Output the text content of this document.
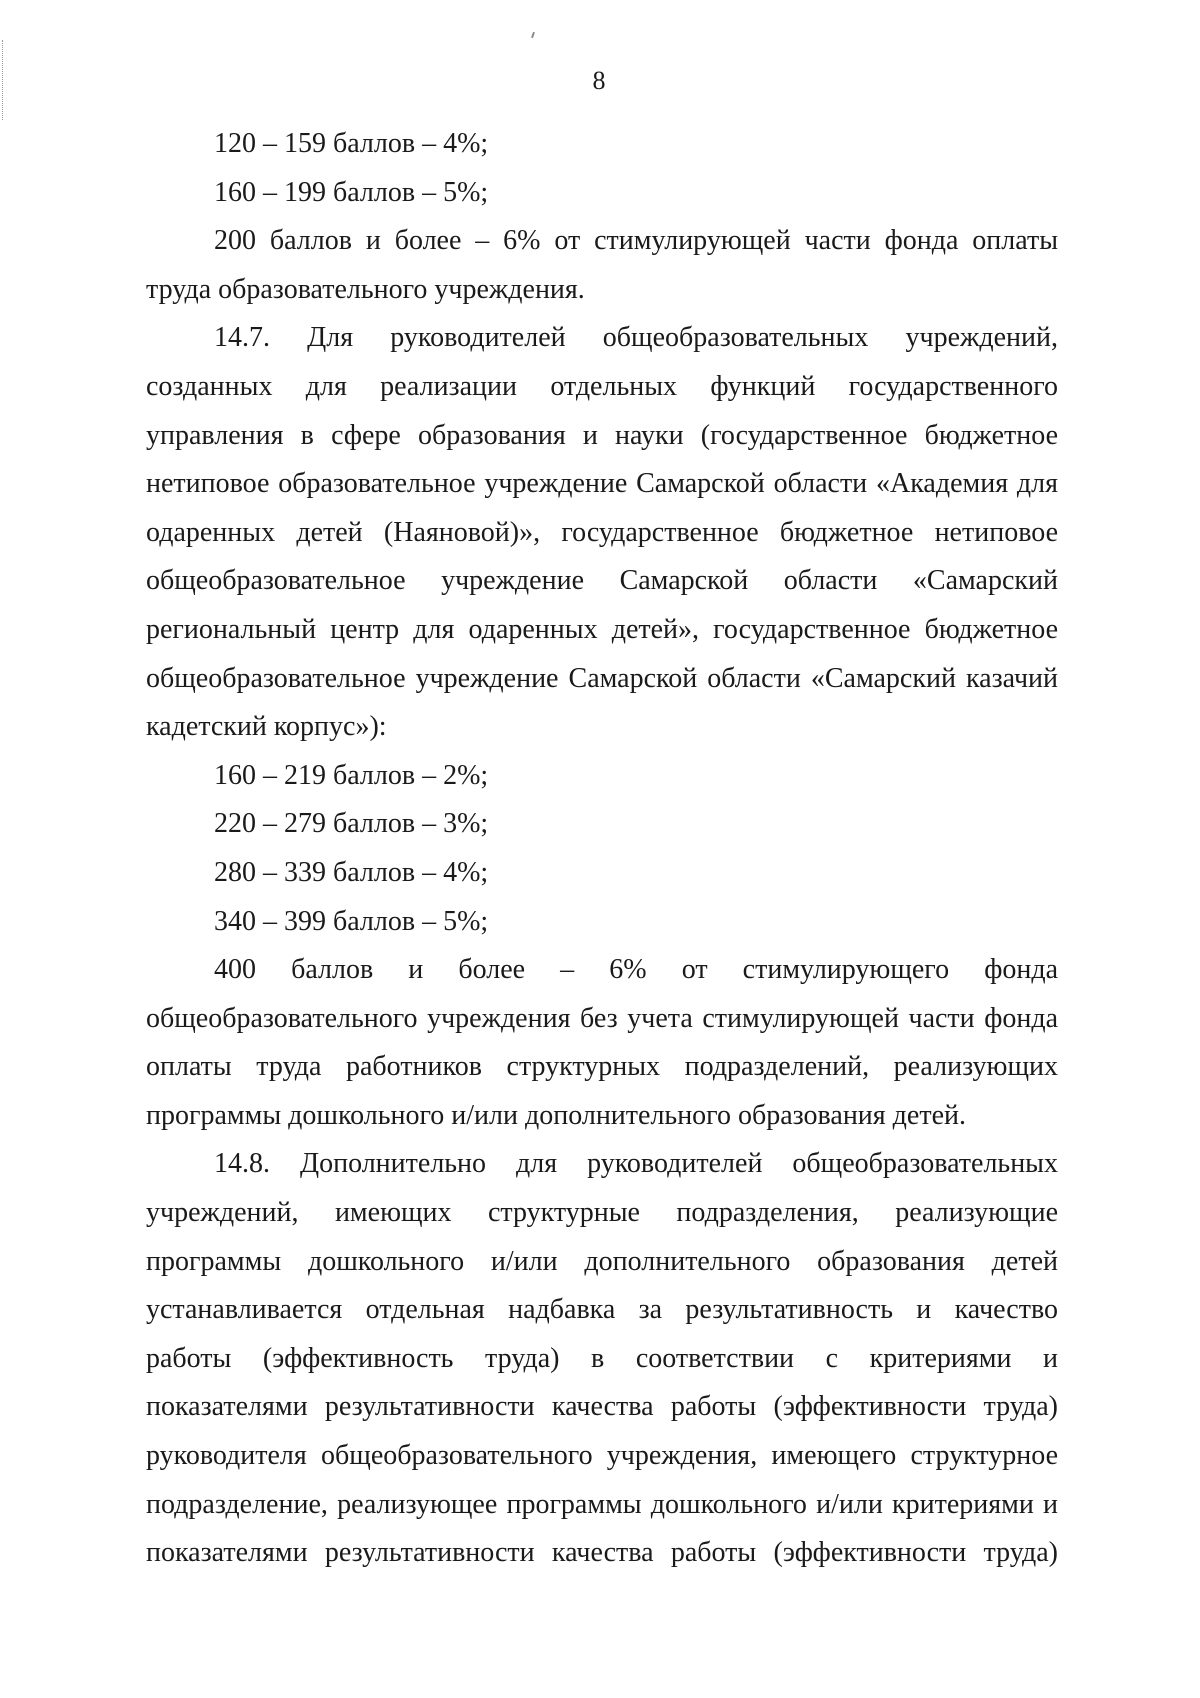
8
120 – 159 баллов – 4%;
160 – 199 баллов – 5%;
200 баллов и более – 6% от стимулирующей части фонда оплаты
труда образовательного учреждения.
14.7. Для руководителей общеобразовательных учреждений,
созданных для реализации отдельных функций государственного
управления в сфере образования и науки (государственное бюджетное
нетиповое образовательное учреждение Самарской области «Академия для
одаренных детей (Наяновой)», государственное бюджетное нетиповое
общеобразовательное учреждение Самарской области «Самарский
региональный центр для одаренных детей», государственное бюджетное
общеобразовательное учреждение Самарской области «Самарский казачий
кадетский корпус»):
160 – 219 баллов – 2%;
220 – 279 баллов – 3%;
280 – 339 баллов – 4%;
340 – 399 баллов – 5%;
400 баллов и более – 6% от стимулирующего фонда
общеобразовательного учреждения без учета стимулирующей части фонда
оплаты труда работников структурных подразделений, реализующих
программы дошкольного и/или дополнительного образования детей.
14.8. Дополнительно для руководителей общеобразовательных
учреждений, имеющих структурные подразделения, реализующие
программы дошкольного и/или дополнительного образования детей
устанавливается отдельная надбавка за результативность и качество
работы (эффективность труда) в соответствии с критериями и
показателями результативности качества работы (эффективности труда)
руководителя общеобразовательного учреждения, имеющего структурное
подразделение, реализующее программы дошкольного и/или критериями и
показателями результативности качества работы (эффективности труда)
